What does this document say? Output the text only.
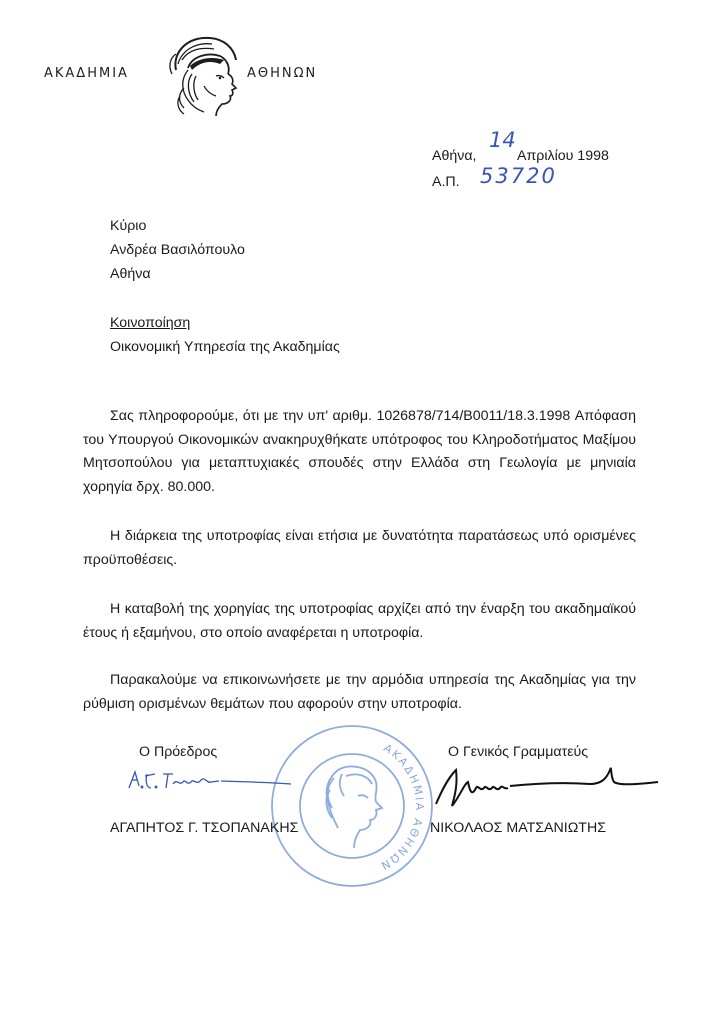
ΑΚΑΔΗΜΙΑ	ΑΘΗΝΩΝ
Αθήνα,
14
Απριλίου 1998
Α.Π. 53720
Κύριο
Ανδρέα Βασιλόπουλο
Αθήνα
Κοινοποίηση
Οικονομική Υπηρεσία της Ακαδημίας
Σας πληροφορούμε, ότι με την υπ' αριθμ. 1026878/714/B0011/18.3.1998 Απόφαση του Υπουργού Οικονομικών ανακηρυχθήκατε υπότροφος του Κληροδοτήματος Μαξίμου Μητσοπούλου για μεταπτυχιακές σπουδές στην Ελλάδα στη Γεωλογία με μηνιαία χορηγία δρχ. 80.000.
Η διάρκεια της υποτροφίας είναι ετήσια με δυνατότητα παρατάσεως υπό ορισμένες προϋποθέσεις.
Η καταβολή της χορηγίας της υποτροφίας αρχίζει από την έναρξη του ακαδημαϊκού έτους ή εξαμήνου, στο οποίο αναφέρεται η υποτροφία.
Παρακαλούμε να επικοινωνήσετε με την αρμόδια υπηρεσία της Ακαδημίας για την ρύθμιση ορισμένων θεμάτων που αφορούν στην υποτροφία.
ΑΚΑΔΗΜΙΑ ΑΘΗΝΩΝ
Ο Πρόεδρος
ΑΓΑΠΗΤΟΣ Γ. ΤΣΟΠΑΝΑΚΗΣ
Ο Γενικός Γραμματεύς
ΝΙΚΟΛΑΟΣ ΜΑΤΣΑΝΙΩΤΗΣ
